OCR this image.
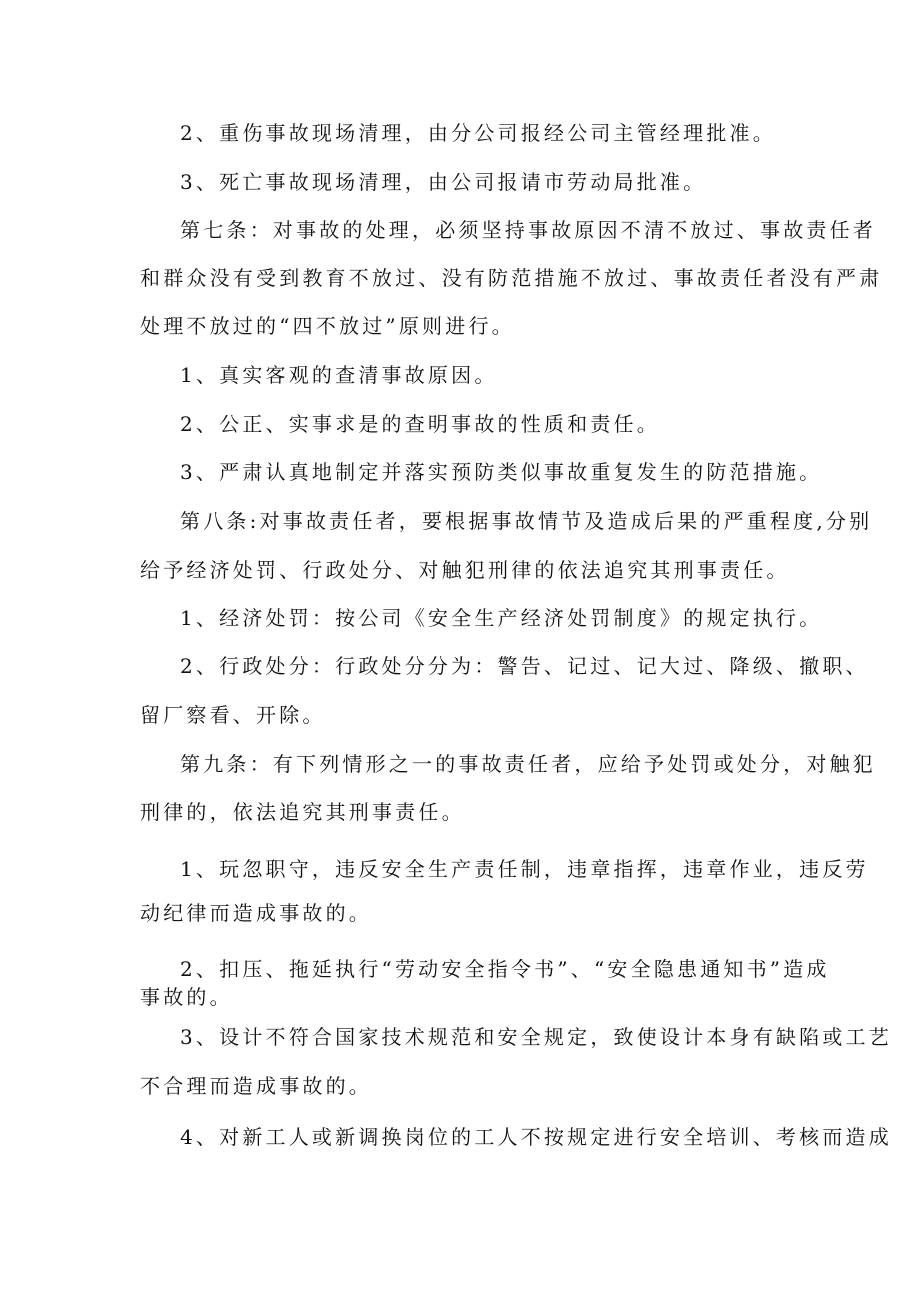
2、重伤事故现场清理，由分公司报经公司主管经理批准。
3、死亡事故现场清理，由公司报请市劳动局批准。
第七条：对事故的处理，必须坚持事故原因不清不放过、事故责任者
和群众没有受到教育不放过、没有防范措施不放过、事故责任者没有严肃
处理不放过的“四不放过”原则进行。
1、真实客观的查清事故原因。
2、公正、实事求是的查明事故的性质和责任。
3、严肃认真地制定并落实预防类似事故重复发生的防范措施。
第八条:对事故责任者，要根据事故情节及造成后果的严重程度,分别
给予经济处罚、行政处分、对触犯刑律的依法追究其刑事责任。
1、经济处罚：按公司《安全生产经济处罚制度》的规定执行。
2、行政处分：行政处分分为：警告、记过、记大过、降级、撤职、
留厂察看、开除。
第九条：有下列情形之一的事故责任者，应给予处罚或处分，对触犯
刑律的，依法追究其刑事责任。
1、玩忽职守，违反安全生产责任制，违章指挥，违章作业，违反劳
动纪律而造成事故的。
2、扣压、拖延执行“劳动安全指令书”、“安全隐患通知书”造成
事故的。
3、设计不符合国家技术规范和安全规定，致使设计本身有缺陷或工艺
不合理而造成事故的。
4、对新工人或新调换岗位的工人不按规定进行安全培训、考核而造成
